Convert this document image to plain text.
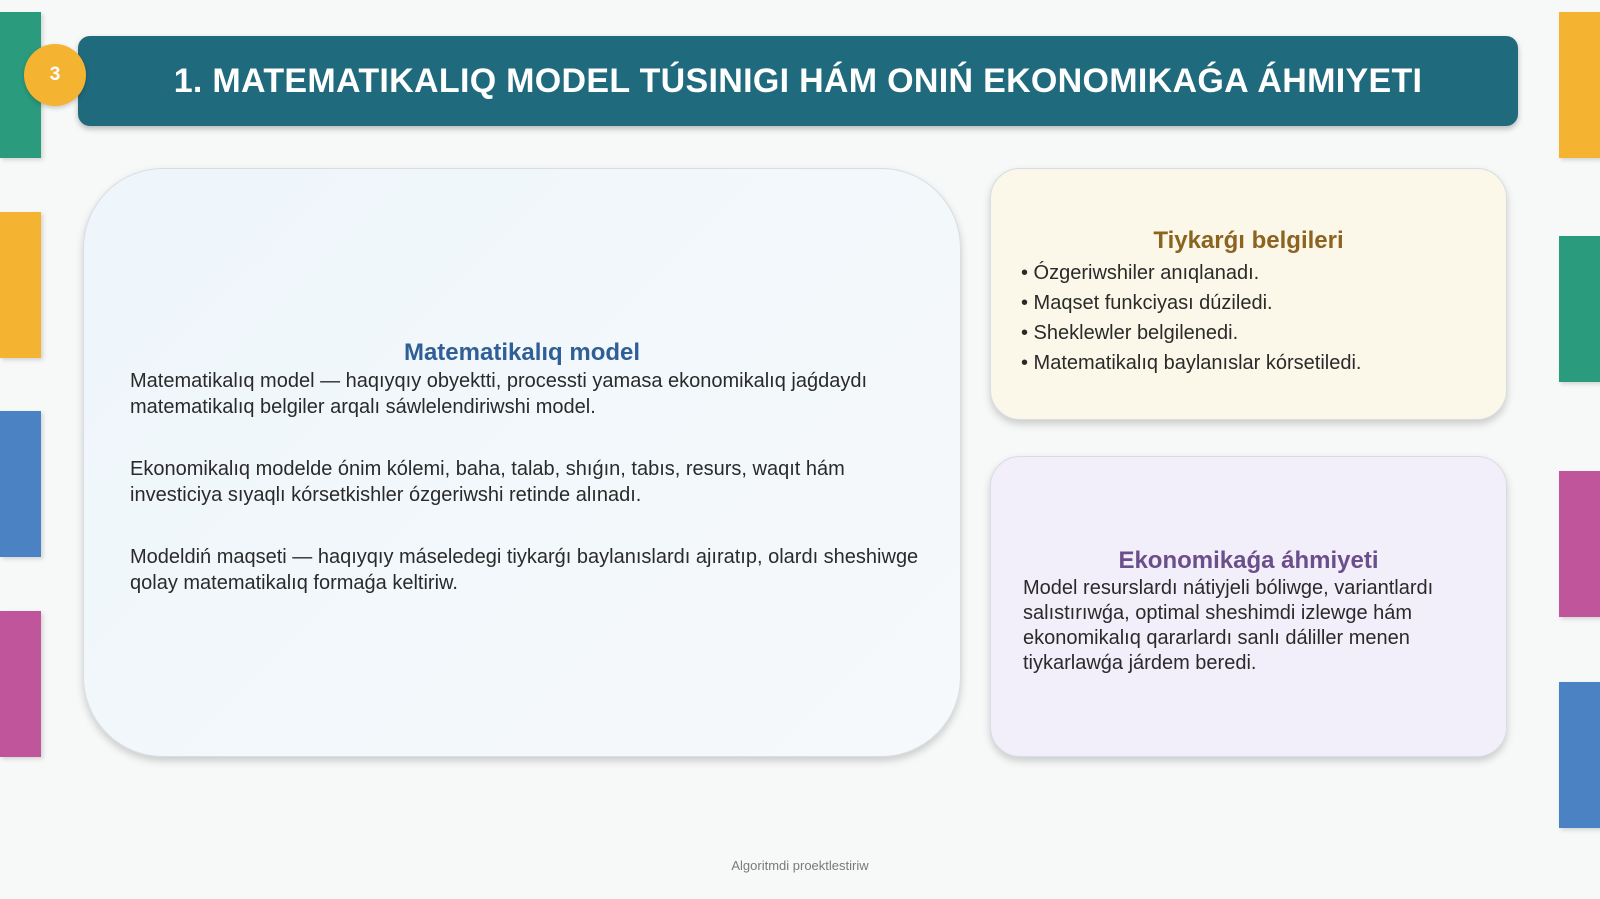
3	1. MATEMATIKALIQ MODEL TÚSINIGI HÁM ONIŃ EKONOMIKAǴA ÁHMIYETI
Matematikalıq model

Matematikalıq model — haqıyqıy obyektti, processti yamasa ekonomikalıq jaǵdaydı matematikalıq belgiler arqalı sáwlelendiriwshi model.

Ekonomikalıq modelde ónim kólemi, baha, talab, shıǵın, tabıs, resurs, waqıt hám investiciya sıyaqlı kórsetkishler ózgeriwshi retinde alınadı.

Modeldiń maqseti — haqıyqıy máseledegi tiykarǵı baylanıslardı ajıratıp, olardı sheshiwge qolay matematikalıq formaǵa keltiriw.

Tiykarǵı belgileri
• Ózgeriwshiler anıqlanadı.
• Maqset funkciyası dúziledi.
• Sheklewler belgilenedi.
• Matematikalıq baylanıslar kórsetiledi.
Ekonomikaǵa áhmiyeti

Model resurslardı nátiyjeli bóliwge, variantlardı salıstırıwǵa, optimal sheshimdi izlewge hám ekonomikalıq qararlardı sanlı dáliller menen tiykarlawǵa járdem beredi.

Algoritmdi proektlestiriw
